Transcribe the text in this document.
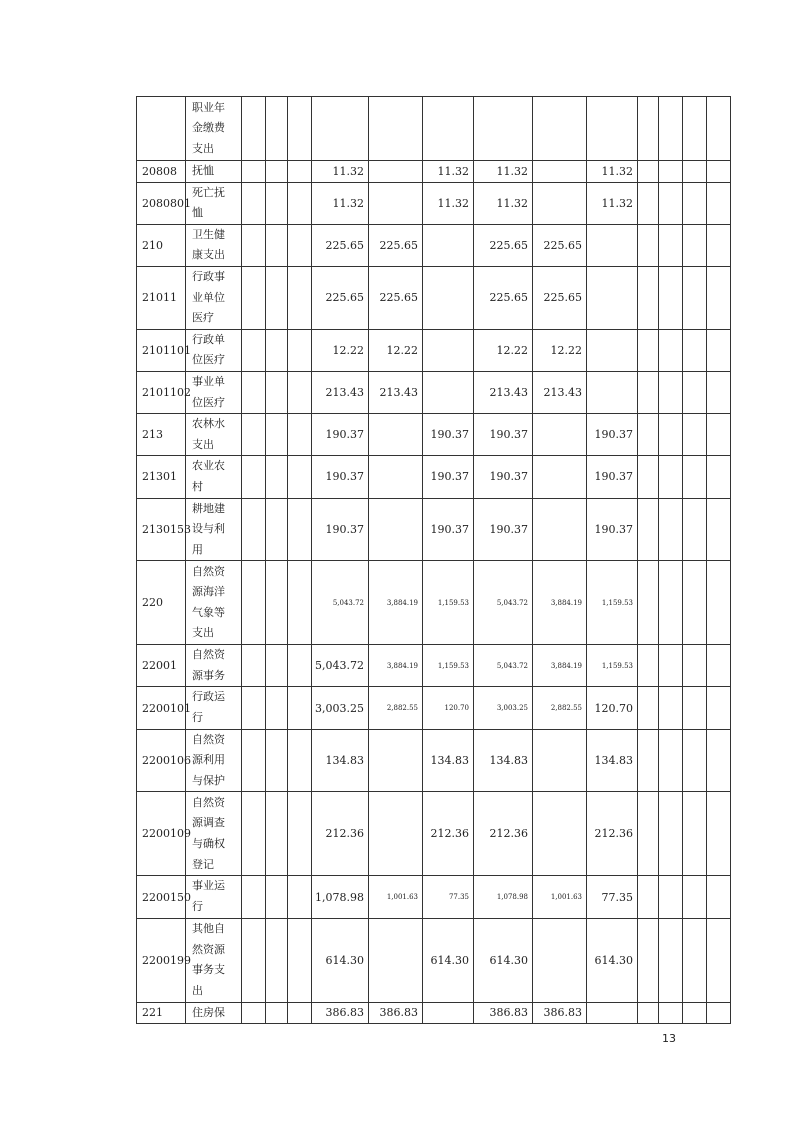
	职业年
金缴费
支出													

20808	抚恤				11.32		11.32	11.32		11.32				
2080801	死亡抚
恤				11.32		11.32	11.32		11.32				
210	卫生健
康支出				225.65	225.65		225.65	225.65					
21011	行政事
业单位
医疗				225.65	225.65		225.65	225.65					
2101101	行政单
位医疗				12.22	12.22		12.22	12.22					
2101102	事业单
位医疗				213.43	213.43		213.43	213.43					
213	农林水
支出				190.37		190.37	190.37		190.37				
21301	农业农
村				190.37		190.37	190.37		190.37				
2130153	耕地建
设与利
用				190.37		190.37	190.37		190.37				
220	自然资
源海洋
气象等
支出				5,043.72	3,884.19	1,159.53	5,043.72	3,884.19	1,159.53				
22001	自然资
源事务				5,043.72	3,884.19	1,159.53	5,043.72	3,884.19	1,159.53				
2200101	行政运
行				3,003.25	2,882.55	120.70	3,003.25	2,882.55	120.70				
2200106	自然资
源利用
与保护				134.83		134.83	134.83		134.83				
2200109	自然资
源调查
与确权
登记				212.36		212.36	212.36		212.36				
2200150	事业运
行				1,078.98	1,001.63	77.35	1,078.98	1,001.63	77.35				
2200199	其他自
然资源
事务支
出				614.30		614.30	614.30		614.30				
221	住房保				386.83	386.83		386.83	386.83					
13
